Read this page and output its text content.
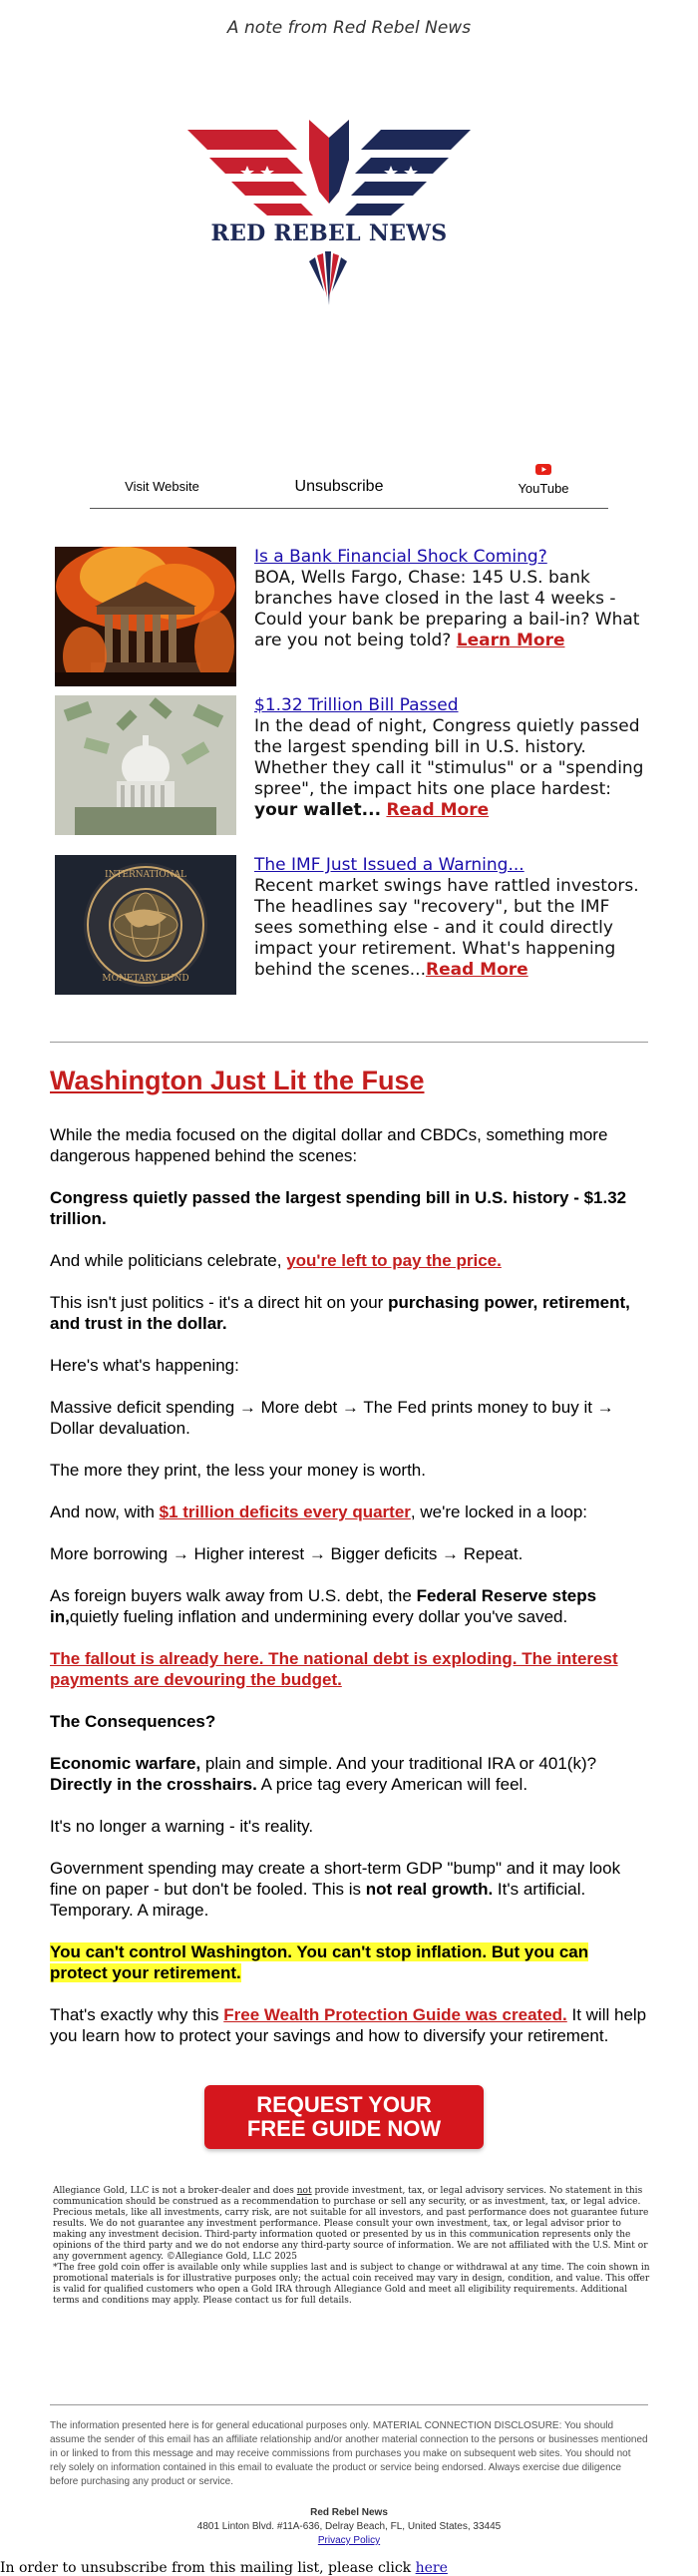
A note from Red Rebel News
RED REBEL NEWS
Visit Website	Unsubscribe	YouTube
Is a Bank Financial Shock Coming?
BOA, Wells Fargo, Chase: 145 U.S. bank branches have closed in the last 4 weeks - Could your bank be preparing a bail-in? What are you not being told? Learn More
$1.32 Trillion Bill Passed
In the dead of night, Congress quietly passed the largest spending bill in U.S. history. Whether they call it "stimulus" or a "spending spree", the impact hits one place hardest: your wallet... Read More
INTERNATIONAL
MONETARY FUND
The IMF Just Issued a Warning...
Recent market swings have rattled investors. The headlines say "recovery", but the IMF sees something else - and it could directly impact your retirement. What's happening behind the scenes...Read More
Washington Just Lit the Fuse

While the media focused on the digital dollar and CBDCs, something more dangerous happened behind the scenes:

Congress quietly passed the largest spending bill in U.S. history - $1.32 trillion.

And while politicians celebrate, you're left to pay the price.

This isn't just politics - it's a direct hit on your purchasing power, retirement, and trust in the dollar.

Here's what's happening:

Massive deficit spending → More debt → The Fed prints money to buy it → Dollar devaluation.

The more they print, the less your money is worth.

And now, with $1 trillion deficits every quarter, we're locked in a loop:

More borrowing → Higher interest → Bigger deficits → Repeat.

As foreign buyers walk away from U.S. debt, the Federal Reserve steps in,quietly fueling inflation and undermining every dollar you've saved.

The fallout is already here. The national debt is exploding. The interest payments are devouring the budget.

The Consequences?

Economic warfare, plain and simple. And your traditional IRA or 401(k)? Directly in the crosshairs. A price tag every American will feel.

It's no longer a warning - it's reality.

Government spending may create a short-term GDP "bump" and it may look fine on paper - but don't be fooled. This is not real growth. It's artificial. Temporary. A mirage.

You can't control Washington. You can't stop inflation. But you can protect your retirement.

That's exactly why this Free Wealth Protection Guide was created. It will help you learn how to protect your savings and how to diversify your retirement.

REQUEST YOUR
FREE GUIDE NOW

Allegiance Gold, LLC is not a broker-dealer and does not provide investment, tax, or legal advisory services. No statement in this communication should be construed as a recommendation to purchase or sell any security, or as investment, tax, or legal advice. Precious metals, like all investments, carry risk, are not suitable for all investors, and past performance does not guarantee future results. We do not guarantee any investment performance. Please consult your own investment, tax, or legal advisor prior to making any investment decision. Third-party information quoted or presented by us in this communication represents only the opinions of the third party and we do not endorse any third-party source of information. We are not affiliated with the U.S. Mint or any government agency. ©Allegiance Gold, LLC 2025

*The free gold coin offer is available only while supplies last and is subject to change or withdrawal at any time. The coin shown in promotional materials is for illustrative purposes only; the actual coin received may vary in design, condition, and value. This offer is valid for qualified customers who open a Gold IRA through Allegiance Gold and meet all eligibility requirements. Additional terms and conditions may apply. Please contact us for full details.

The information presented here is for general educational purposes only. MATERIAL CONNECTION DISCLOSURE: You should assume the sender of this email has an affiliate relationship and/or another material connection to the persons or businesses mentioned in or linked to from this message and may receive commissions from purchases you make on subsequent web sites. You should not rely solely on information contained in this email to evaluate the product or service being endorsed. Always exercise due diligence before purchasing any product or service.
Red Rebel News
4801 Linton Blvd. #11A-636, Delray Beach, FL, United States, 33445
Privacy Policy
In order to unsubscribe from this mailing list, please click here
